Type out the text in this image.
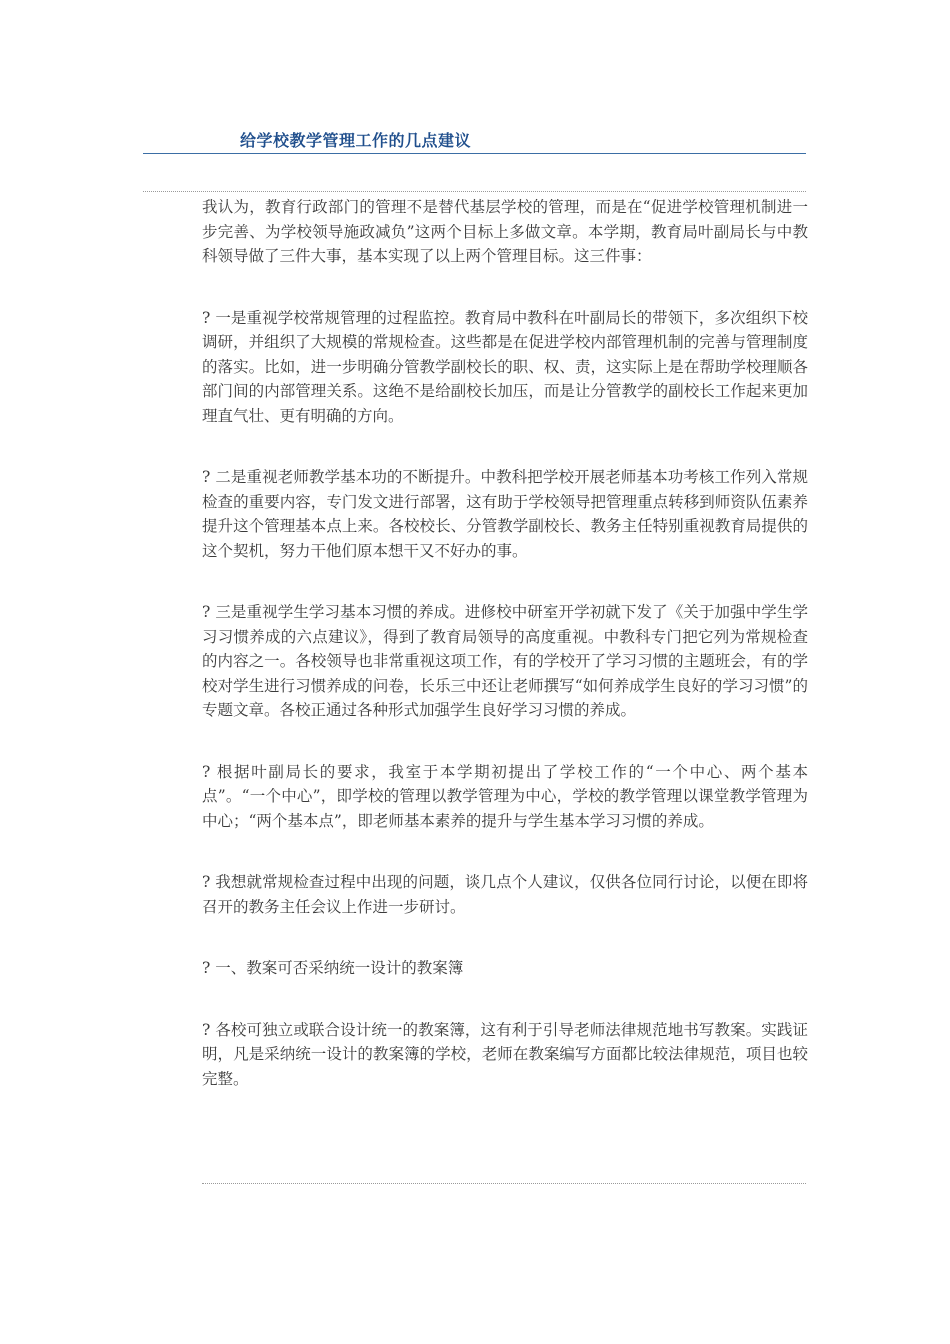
给学校教学管理工作的几点建议

我认为，教育行政部门的管理不是替代基层学校的管理，而是在“促进学校管理机制进一步完善、为学校领导施政减负”这两个目标上多做文章。本学期，教育局叶副局长与中教科领导做了三件大事，基本实现了以上两个管理目标。这三件事：

? 一是重视学校常规管理的过程监控。教育局中教科在叶副局长的带领下，多次组织下校调研，并组织了大规模的常规检查。这些都是在促进学校内部管理机制的完善与管理制度的落实。比如，进一步明确分管教学副校长的职、权、责，这实际上是在帮助学校理顺各部门间的内部管理关系。这绝不是给副校长加压，而是让分管教学的副校长工作起来更加理直气壮、更有明确的方向。

? 二是重视老师教学基本功的不断提升。中教科把学校开展老师基本功考核工作列入常规检查的重要内容，专门发文进行部署，这有助于学校领导把管理重点转移到师资队伍素养提升这个管理基本点上来。各校校长、分管教学副校长、教务主任特别重视教育局提供的这个契机，努力干他们原本想干又不好办的事。

? 三是重视学生学习基本习惯的养成。进修校中研室开学初就下发了《关于加强中学生学习习惯养成的六点建议》，得到了教育局领导的高度重视。中教科专门把它列为常规检查的内容之一。各校领导也非常重视这项工作，有的学校开了学习习惯的主题班会，有的学校对学生进行习惯养成的问卷，长乐三中还让老师撰写“如何养成学生良好的学习习惯”的专题文章。各校正通过各种形式加强学生良好学习习惯的养成。

? 根据叶副局长的要求，我室于本学期初提出了学校工作的“一个中心、两个基本点”。“一个中心”，即学校的管理以教学管理为中心，学校的教学管理以课堂教学管理为中心；“两个基本点”，即老师基本素养的提升与学生基本学习习惯的养成。

? 我想就常规检查过程中出现的问题，谈几点个人建议，仅供各位同行讨论，以便在即将召开的教务主任会议上作进一步研讨。

? 一、教案可否采纳统一设计的教案簿

? 各校可独立或联合设计统一的教案簿，这有利于引导老师法律规范地书写教案。实践证明，凡是采纳统一设计的教案簿的学校，老师在教案编写方面都比较法律规范，项目也较完整。
